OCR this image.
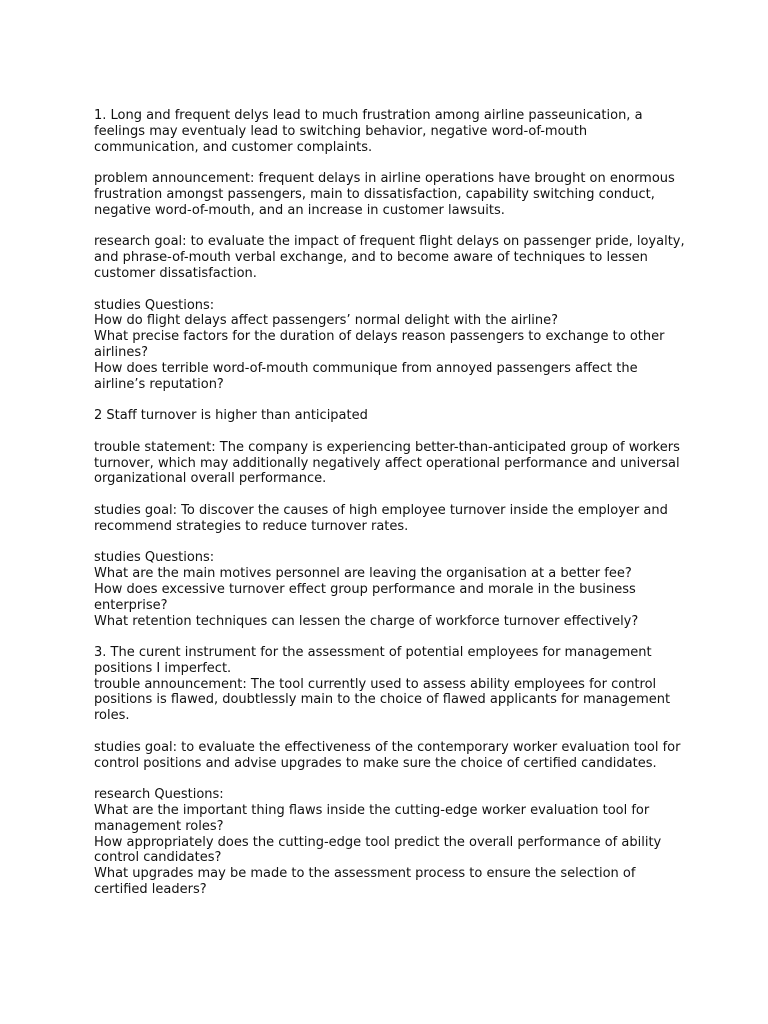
1. Long and frequent delys lead to much frustration among airline passeunication, a feelings may eventualy lead to switching behavior, negative word-of-mouth communication, and customer complaints.
problem announcement: frequent delays in airline operations have brought on enormous frustration amongst passengers, main to dissatisfaction, capability switching conduct, negative word-of-mouth, and an increase in customer lawsuits.
research goal: to evaluate the impact of frequent flight delays on passenger pride, loyalty, and phrase-of-mouth verbal exchange, and to become aware of techniques to lessen customer dissatisfaction.
studies Questions:
How do flight delays affect passengers’ normal delight with the airline?
What precise factors for the duration of delays reason passengers to exchange to other airlines?
How does terrible word-of-mouth communique from annoyed passengers affect the airline’s reputation?
2 Staff turnover is higher than anticipated
trouble statement: The company is experiencing better-than-anticipated group of workers turnover, which may additionally negatively affect operational performance and universal organizational overall performance.
studies goal: To discover the causes of high employee turnover inside the employer and recommend strategies to reduce turnover rates.
studies Questions:
What are the main motives personnel are leaving the organisation at a better fee?
How does excessive turnover effect group performance and morale in the business enterprise?
What retention techniques can lessen the charge of workforce turnover effectively?
3. The curent instrument for the assessment of potential employees for management positions I imperfect.
trouble announcement: The tool currently used to assess ability employees for control positions is flawed, doubtlessly main to the choice of flawed applicants for management roles.
studies goal: to evaluate the effectiveness of the contemporary worker evaluation tool for control positions and advise upgrades to make sure the choice of certified candidates.
research Questions:
What are the important thing flaws inside the cutting-edge worker evaluation tool for management roles?
How appropriately does the cutting-edge tool predict the overall performance of ability control candidates?
What upgrades may be made to the assessment process to ensure the selection of certified leaders?
